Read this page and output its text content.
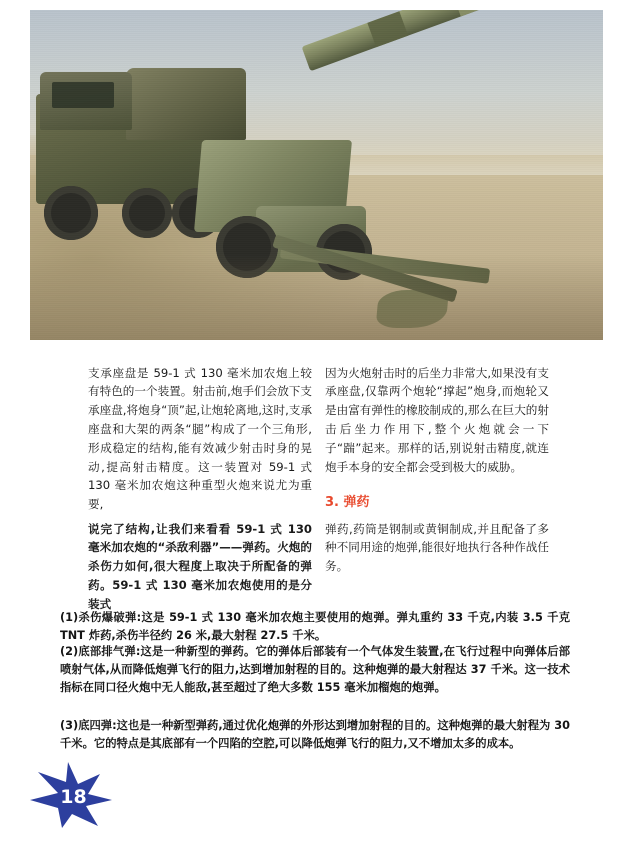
支承座盘是 59-1 式 130 毫米加农炮上较有特色的一个装置。射击前,炮手们会放下支承座盘,将炮身“顶”起,让炮轮离地,这时,支承座盘和大架的两条“腿”构成了一个三角形,形成稳定的结构,能有效减少射击时身的晃动,提高射击精度。这一装置对 59-1 式 130 毫米加农炮这种重型火炮来说尤为重要,

因为火炮射击时的后坐力非常大,如果没有支承座盘,仅靠两个炮轮“撑起”炮身,而炮轮又是由富有弹性的橡胶制成的,那么在巨大的射击后坐力作用下,整个火炮就会一下子“踹”起来。那样的话,别说射击精度,就连炮手本身的安全都会受到极大的威胁。

3. 弹药

说完了结构,让我们来看看 59-1 式 130 毫米加农炮的“杀敌利器”——弹药。火炮的杀伤力如何,很大程度上取决于所配备的弹药。59-1 式 130 毫米加农炮使用的是分装式

弹药,药筒是钢制或黄铜制成,并且配备了多种不同用途的炮弹,能很好地执行各种作战任务。

(1)杀伤爆破弹:这是 59-1 式 130 毫米加农炮主要使用的炮弹。弹丸重约 33 千克,内装 3.5 千克 TNT 炸药,杀伤半径约 26 米,最大射程 27.5 千米。

(2)底部排气弹:这是一种新型的弹药。它的弹体后部装有一个气体发生装置,在飞行过程中向弹体后部喷射气体,从而降低炮弹飞行的阻力,达到增加射程的目的。这种炮弹的最大射程达 37 千米。这一技术指标在同口径火炮中无人能敌,甚至超过了绝大多数 155 毫米加榴炮的炮弹。

(3)底四弹:这也是一种新型弹药,通过优化炮弹的外形达到增加射程的目的。这种炮弹的最大射程为 30 千米。它的特点是其底部有一个四陷的空腔,可以降低炮弹飞行的阻力,又不增加太多的成本。

18
